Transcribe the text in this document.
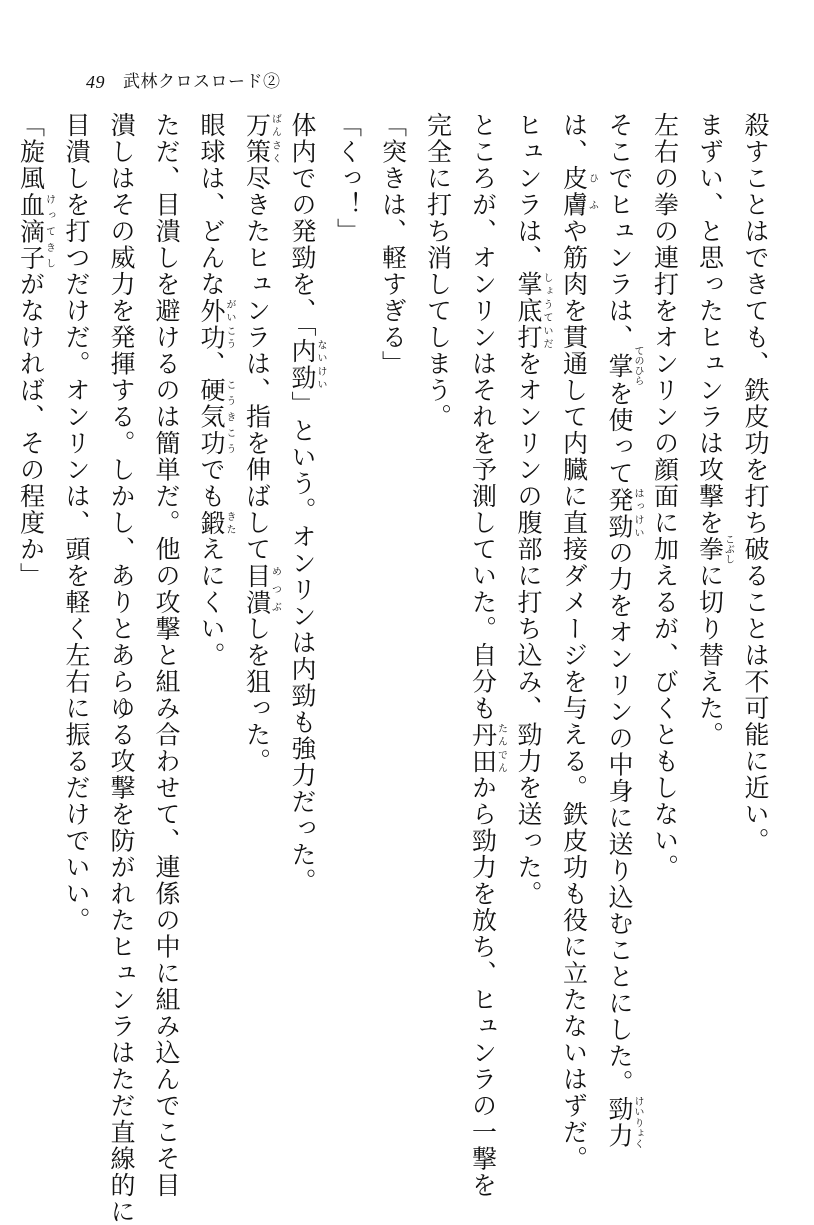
49 武林クロスロード②
殺すことはできても、鉄皮功を打ち破ることは不可能に近い。
まずい、と思ったヒュンラは攻撃を拳こぶしに切り替えた。
左右の拳の連打をオンリンの顔面に加えるが、びくともしない。
そこでヒュンラは、掌てのひらを使って発勁はっけいの力をオンリンの中身に送り込むことにした。勁力けいりょく
は、皮膚ひふや筋肉を貫通して内臓に直接ダメージを与える。鉄皮功も役に立たないはずだ。
ヒュンラは、掌底打しょうていだをオンリンの腹部に打ち込み、勁力を送った。
ところが、オンリンはそれを予測していた。自分も丹田たんでんから勁力を放ち、ヒュンラの一撃を
完全に打ち消してしまう。
「突きは、軽すぎる」
「くっ！」
体内での発勁を、「内勁ないけい」という。オンリンは内勁も強力だった。
万策ばんさく尽きたヒュンラは、指を伸ばして目潰めつぶしを狙った。
眼球は、どんな外功がいこう、硬気功こうきこうでも鍛きたえにくい。
ただ、目潰しを避けるのは簡単だ。他の攻撃と組み合わせて、連係の中に組み込んでこそ目
潰しはその威力を発揮する。しかし、ありとあらゆる攻撃を防がれたヒュンラはただ直線的に
目潰しを打つだけだ。オンリンは、頭を軽く左右に振るだけでいい。
「旋風血滴子けってきしがなければ、その程度か」
